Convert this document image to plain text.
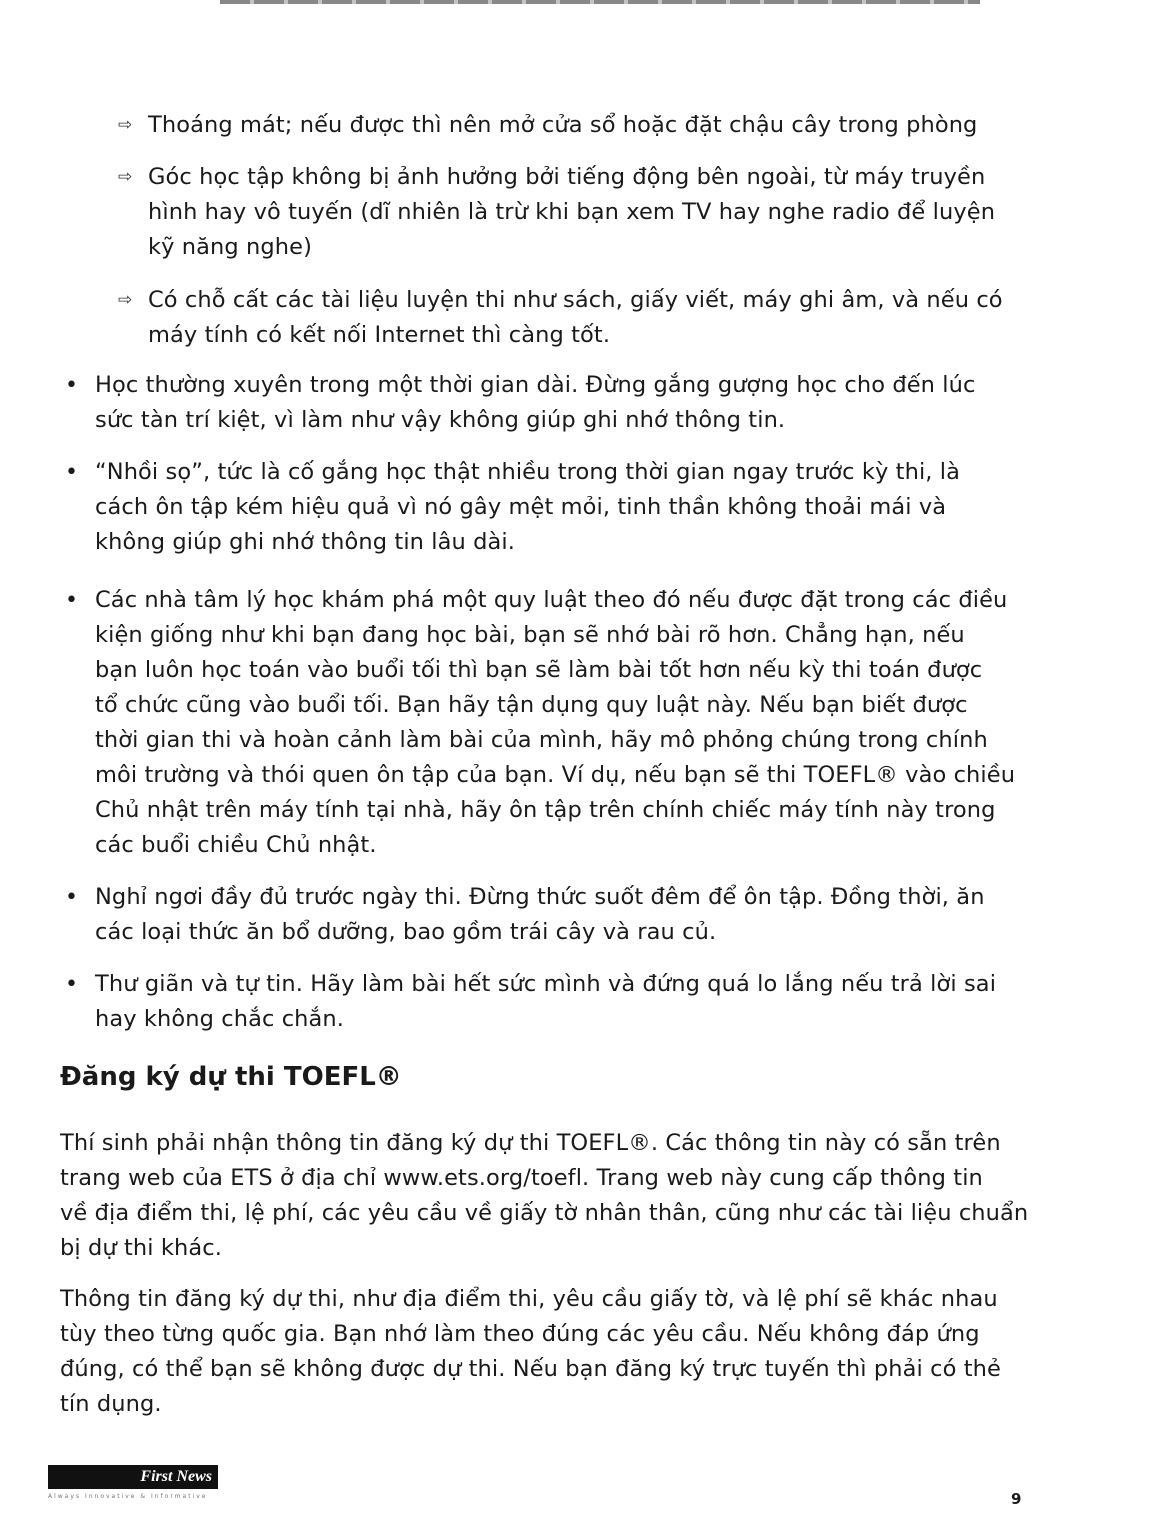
⇨ Thoáng mát; nếu được thì nên mở cửa sổ hoặc đặt chậu cây trong phòng
⇨ Góc học tập không bị ảnh hưởng bởi tiếng động bên ngoài, từ máy truyền
hình hay vô tuyến (dĩ nhiên là trừ khi bạn xem TV hay nghe radio để luyện
kỹ năng nghe)
⇨ Có chỗ cất các tài liệu luyện thi như sách, giấy viết, máy ghi âm, và nếu có
máy tính có kết nối Internet thì càng tốt.
• Học thường xuyên trong một thời gian dài. Đừng gắng gượng học cho đến lúc
sức tàn trí kiệt, vì làm như vậy không giúp ghi nhớ thông tin.
• “Nhồi sọ”, tức là cố gắng học thật nhiều trong thời gian ngay trước kỳ thi, là
cách ôn tập kém hiệu quả vì nó gây mệt mỏi, tinh thần không thoải mái và
không giúp ghi nhớ thông tin lâu dài.
• Các nhà tâm lý học khám phá một quy luật theo đó nếu được đặt trong các điều
kiện giống như khi bạn đang học bài, bạn sẽ nhớ bài rõ hơn. Chẳng hạn, nếu
bạn luôn học toán vào buổi tối thì bạn sẽ làm bài tốt hơn nếu kỳ thi toán được
tổ chức cũng vào buổi tối. Bạn hãy tận dụng quy luật này. Nếu bạn biết được
thời gian thi và hoàn cảnh làm bài của mình, hãy mô phỏng chúng trong chính
môi trường và thói quen ôn tập của bạn. Ví dụ, nếu bạn sẽ thi TOEFL® vào chiều
Chủ nhật trên máy tính tại nhà, hãy ôn tập trên chính chiếc máy tính này trong
các buổi chiều Chủ nhật.
• Nghỉ ngơi đầy đủ trước ngày thi. Đừng thức suốt đêm để ôn tập. Đồng thời, ăn
các loại thức ăn bổ dưỡng, bao gồm trái cây và rau củ.
• Thư giãn và tự tin. Hãy làm bài hết sức mình và đứng quá lo lắng nếu trả lời sai
hay không chắc chắn.
Thí sinh phải nhận thông tin đăng ký dự thi TOEFL®. Các thông tin này có sẵn trên
trang web của ETS ở địa chỉ www.ets.org/toefl. Trang web này cung cấp thông tin
về địa điểm thi, lệ phí, các yêu cầu về giấy tờ nhân thân, cũng như các tài liệu chuẩn
bị dự thi khác.
Thông tin đăng ký dự thi, như địa điểm thi, yêu cầu giấy tờ, và lệ phí sẽ khác nhau
tùy theo từng quốc gia. Bạn nhớ làm theo đúng các yêu cầu. Nếu không đáp ứng
đúng, có thể bạn sẽ không được dự thi. Nếu bạn đăng ký trực tuyến thì phải có thẻ
tín dụng.
Đăng ký dự thi TOEFL®
First News
Always Innovative & Informative	9
